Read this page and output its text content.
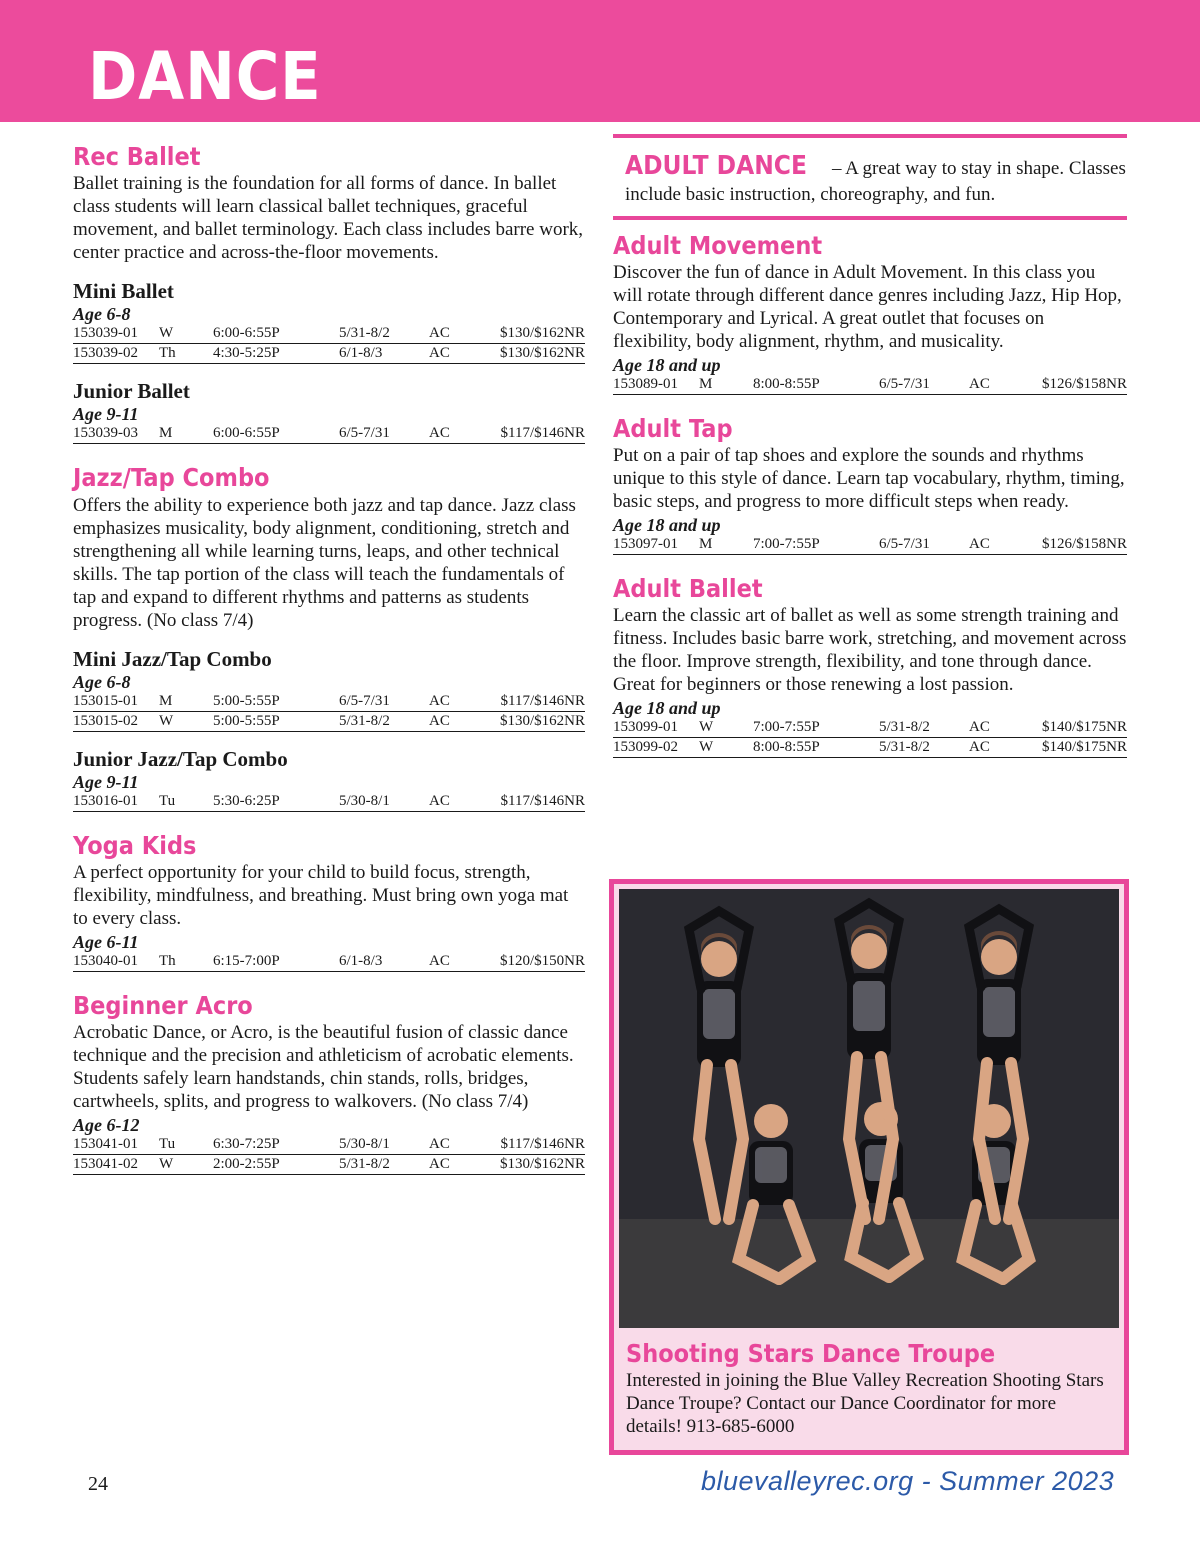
DANCE
Rec Ballet
Ballet training is the foundation for all forms of dance. In ballet class students will learn classical ballet techniques, graceful movement, and ballet terminology. Each class includes barre work, center practice and across-the-floor movements.
Mini Ballet
Age 6-8
153039-01	W	6:00-6:55P	5/31-8/2	AC	$130/$162NR
153039-02	Th	4:30-5:25P	6/1-8/3	AC	$130/$162NR
Junior Ballet
Age 9-11
153039-03	M	6:00-6:55P	6/5-7/31	AC	$117/$146NR
Jazz/Tap Combo
Offers the ability to experience both jazz and tap dance. Jazz class emphasizes musicality, body alignment, conditioning, stretch and strengthening all while learning turns, leaps, and other technical skills. The tap portion of the class will teach the fundamentals of tap and expand to different rhythms and patterns as students progress. (No class 7/4)
Mini Jazz/Tap Combo
Age 6-8
153015-01	M	5:00-5:55P	6/5-7/31	AC	$117/$146NR
153015-02	W	5:00-5:55P	5/31-8/2	AC	$130/$162NR
Junior Jazz/Tap Combo
Age 9-11
153016-01	Tu	5:30-6:25P	5/30-8/1	AC	$117/$146NR
Yoga Kids
A perfect opportunity for your child to build focus, strength, flexibility, mindfulness, and breathing. Must bring own yoga mat to every class.
Age 6-11
153040-01	Th	6:15-7:00P	6/1-8/3	AC	$120/$150NR
Beginner Acro
Acrobatic Dance, or Acro, is the beautiful fusion of classic dance technique and the precision and athleticism of acrobatic elements. Students safely learn handstands, chin stands, rolls, bridges, cartwheels, splits, and progress to walkovers. (No class 7/4)
Age 6-12
153041-01	Tu	6:30-7:25P	5/30-8/1	AC	$117/$146NR
153041-02	W	2:00-2:55P	5/31-8/2	AC	$130/$162NR
ADULT DANCE – A great way to stay in shape. Classes include basic instruction, choreography, and fun.
Adult Movement
Discover the fun of dance in Adult Movement. In this class you will rotate through different dance genres including Jazz, Hip Hop, Contemporary and Lyrical. A great outlet that focuses on flexibility, body alignment, rhythm, and musicality.
Age 18 and up
153089-01	M	8:00-8:55P	6/5-7/31	AC	$126/$158NR
Adult Tap
Put on a pair of tap shoes and explore the sounds and rhythms unique to this style of dance. Learn tap vocabulary, rhythm, timing, basic steps, and progress to more difficult steps when ready.
Age 18 and up
153097-01	M	7:00-7:55P	6/5-7/31	AC	$126/$158NR
Adult Ballet
Learn the classic art of ballet as well as some strength training and fitness. Includes basic barre work, stretching, and movement across the floor. Improve strength, flexibility, and tone through dance. Great for beginners or those renewing a lost passion.
Age 18 and up
153099-01	W	7:00-7:55P	5/31-8/2	AC	$140/$175NR
153099-02	W	8:00-8:55P	5/31-8/2	AC	$140/$175NR
Shooting Stars Dance Troupe
Interested in joining the Blue Valley Recreation Shooting Stars Dance Troupe? Contact our Dance Coordinator for more details! 913-685-6000
24	bluevalleyrec.org - Summer 2023
